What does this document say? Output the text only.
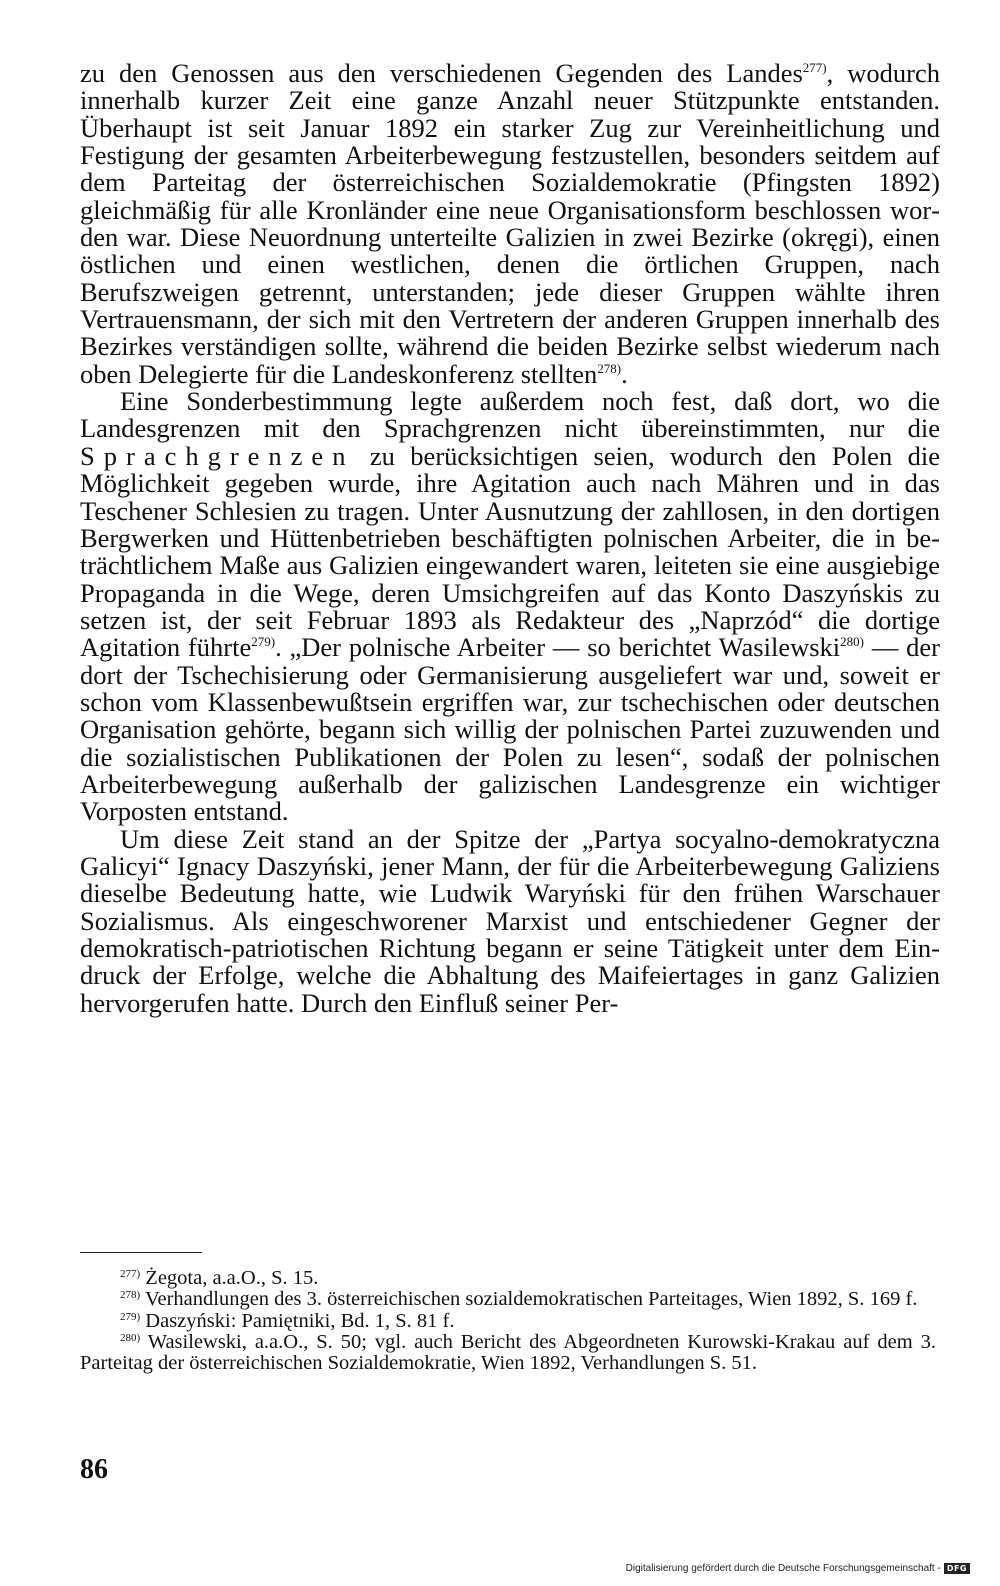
zu den Genossen aus den verschiedenen Gegenden des Landes$^{277)}$, wodurch innerhalb kurzer Zeit eine ganze Anzahl neuer Stützpunkte entstanden. Überhaupt ist seit Januar 1892 ein starker Zug zur Vereinheitlichung und Festigung der gesamten Arbeiterbewegung festzustellen, besonders seitdem auf dem Parteitag der österreichischen Sozialdemokratie (Pfingsten 1892) gleichmäßig für alle Kronländer eine neue Organisationsform beschlossen worden war. Diese Neuordnung unterteilte Galizien in zwei Bezirke (okręgi), einen östlichen und einen westlichen, denen die örtlichen Gruppen, nach Berufszweigen getrennt, unterstanden; jede dieser Gruppen wählte ihren Vertrauensmann, der sich mit den Vertretern der anderen Gruppen innerhalb des Bezirkes verständigen sollte, während die beiden Bezirke selbst wiederum nach oben Delegierte für die Landeskonferenz stellten$^{278)}$.

Eine Sonderbestimmung legte außerdem noch fest, daß dort, wo die Landesgrenzen mit den Sprachgrenzen nicht übereinstimmten, nur die Sprachgrenzen zu berücksichtigen seien, wodurch den Polen die Möglichkeit gegeben wurde, ihre Agitation auch nach Mähren und in das Teschener Schlesien zu tragen. Unter Ausnutzung der zahllosen, in den dortigen Bergwerken und Hüttenbetrieben beschäftigten polnischen Arbeiter, die in beträchtlichem Maße aus Galizien eingewandert waren, leiteten sie eine ausgiebige Propaganda in die Wege, deren Umsichgreifen auf das Konto Daszyńskis zu setzen ist, der seit Februar 1893 als Redakteur des „Naprzód“ die dortige Agitation führte$^{279)}$. „Der polnische Arbeiter — so berichtet Wasilewski$^{280)}$ — der dort der Tschechisierung oder Germanisierung ausgeliefert war und, soweit er schon vom Klassenbewußtsein ergriffen war, zur tschechischen oder deutschen Organisation gehörte, begann sich willig der polnischen Partei zuzuwenden und die sozialistischen Publikationen der Polen zu lesen“, sodaß der polnischen Arbeiterbewegung außerhalb der galizischen Landesgrenze ein wichtiger Vorposten entstand.

Um diese Zeit stand an der Spitze der „Partya socyalno-demokratyczna Galicyi“ Ignacy Daszyński, jener Mann, der für die Arbeiterbewegung Galiziens dieselbe Bedeutung hatte, wie Ludwik Waryński für den frühen Warschauer Sozialismus. Als eingeschworener Marxist und entschiedener Gegner der demokratisch-patriotischen Richtung begann er seine Tätigkeit unter dem Eindruck der Erfolge, welche die Abhaltung des Maifeiertages in ganz Galizien hervorgerufen hatte. Durch den Einfluß seiner Per-

$^{277)}$ Żegota, a.a.O., S. 15.

$^{278)}$ Verhandlungen des 3. österreichischen sozialdemokratischen Parteitages, Wien 1892, S. 169 f.

$^{279)}$ Daszyński: Pamiętniki, Bd. 1, S. 81 f.

$^{280)}$ Wasilewski, a.a.O., S. 50; vgl. auch Bericht des Abgeordneten Kurowski-Krakau auf dem 3. Parteitag der österreichischen Sozialdemokratie, Wien 1892, Verhandlungen S. 51.

86
Digitalisierung gefördert durch die Deutsche Forschungsgemeinschaft - DFG
